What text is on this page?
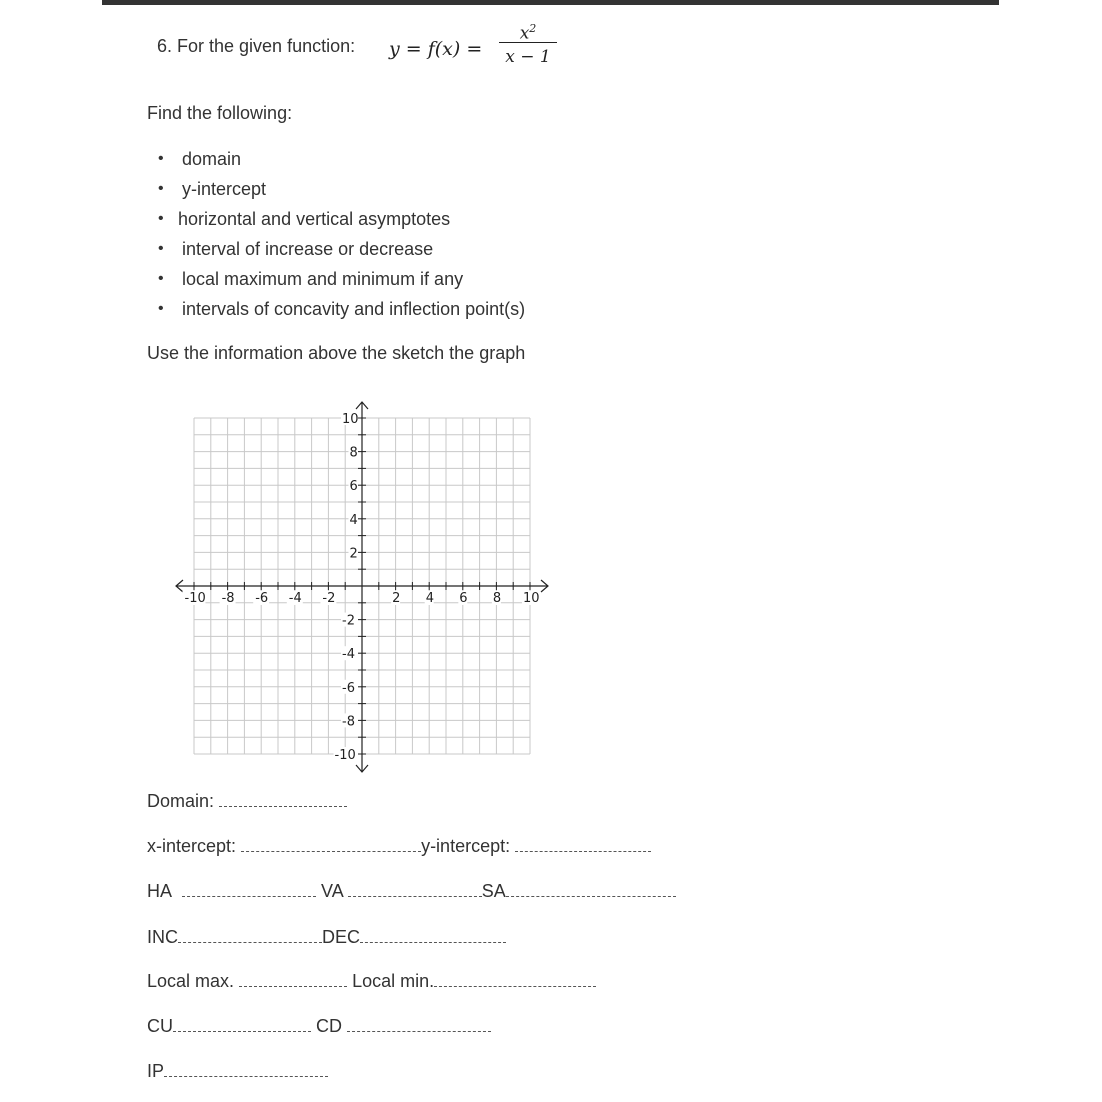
6. For the given function: y = f(x) =
$x^2$
x − 1
Find the following:
• domain
• y-intercept
• horizontal and vertical asymptotes
• interval of increase or decrease
• local maximum and minimum if any
• intervals of concavity and inflection point(s)
Use the information above the sketch the graph
-10 -8 -6 -4 -2	2 4 6 8 10
10
8
6
4
2
-2
-4
-6
-8
-10
Domain:
x-intercept:	y-intercept:
HA	VA	SA
INC	DEC
Local max.	Local min.
CU	CD
IP
